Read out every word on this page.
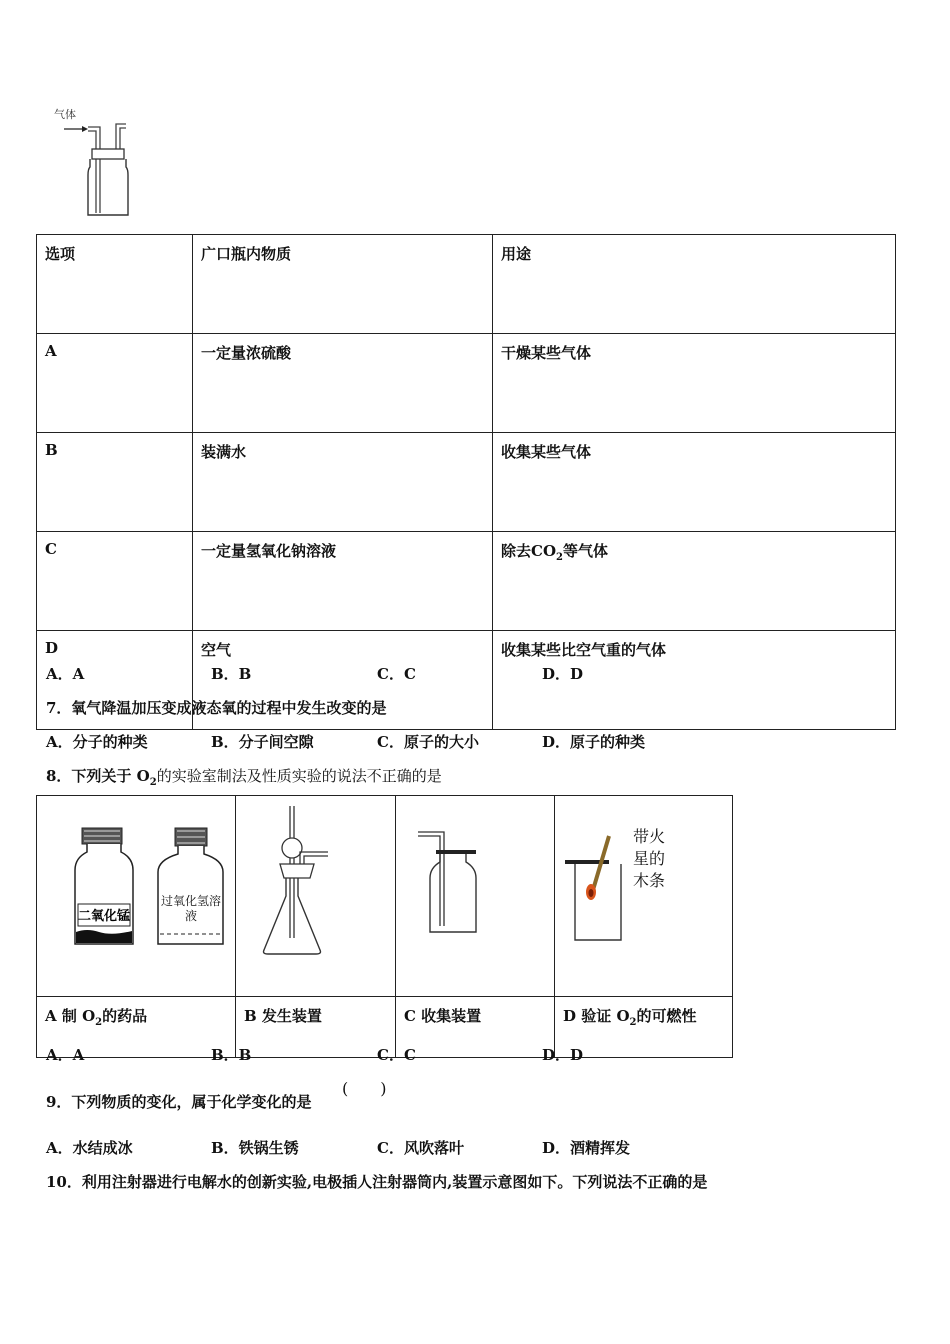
气体
选项	广口瓶内物质	用途
A	一定量浓硫酸	干燥某些气体
B	装满水	收集某些气体
C	一定量氢氧化钠溶液	除去$CO_2$等气体
D	空气	收集某些比空气重的气体
A．A	B．B	C．C	D．D
7．氧气降温加压变成液态氧的过程中发生改变的是
A．分子的种类	B．分子间空隙	C．原子的大小	D．原子的种类
8．下列关于 $O_2$的实验室制法及性质实验的说法不正确的是
二氧化锰
过氧化氢溶液			带火星的木条

A 制 $O_2$的药品	B 发生装置	C 收集装置	D 验证 $O_2$的可燃性
A．A	B．B	C．C	D．D
9．下列物质的变化，属于化学变化的是
(　　)
A．水结成冰	B．铁锅生锈	C．风吹落叶	D．酒精挥发
10．利用注射器进行电解水的创新实验,电极插人注射器筒内,装置示意图如下。下列说法不正确的是
